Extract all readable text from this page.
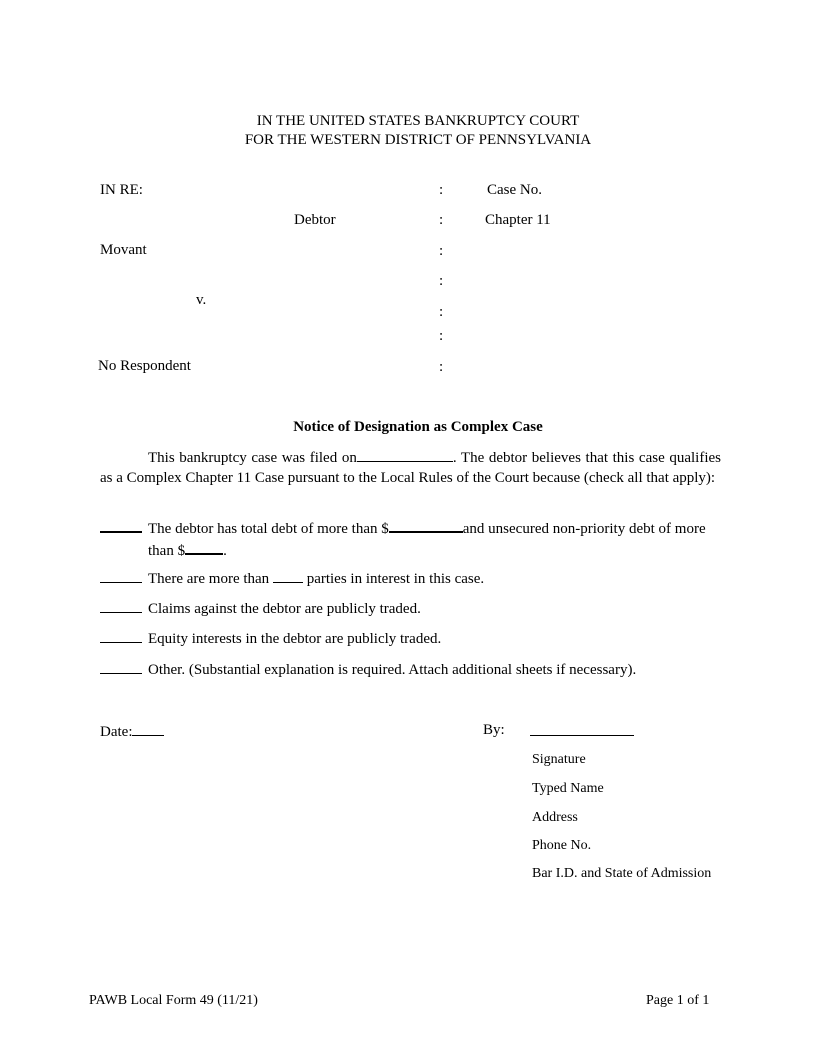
IN THE UNITED STATES BANKRUPTCY COURT
FOR THE WESTERN DISTRICT OF PENNSYLVANIA
IN RE:	:	Case No.
Debtor	:	Chapter 11
Movant	:
:
v.
:
:
No Respondent	:
Notice of Designation as Complex Case
This bankruptcy case was filed on	. The debtor believes that this case qualifies as a Complex Chapter 11 Case pursuant to the Local Rules of the Court because (check all that apply):
The debtor has total debt of more than $	and unsecured non-priority debt of more than $	.
There are more than	parties in interest in this case.
Claims against the debtor are publicly traded.
Equity interests in the debtor are publicly traded.
Other. (Substantial explanation is required. Attach additional sheets if necessary).
Date:	By:
Signature
Typed Name
Address
Phone No.
Bar I.D. and State of Admission
PAWB Local Form 49 (11/21)	Page 1 of 1
